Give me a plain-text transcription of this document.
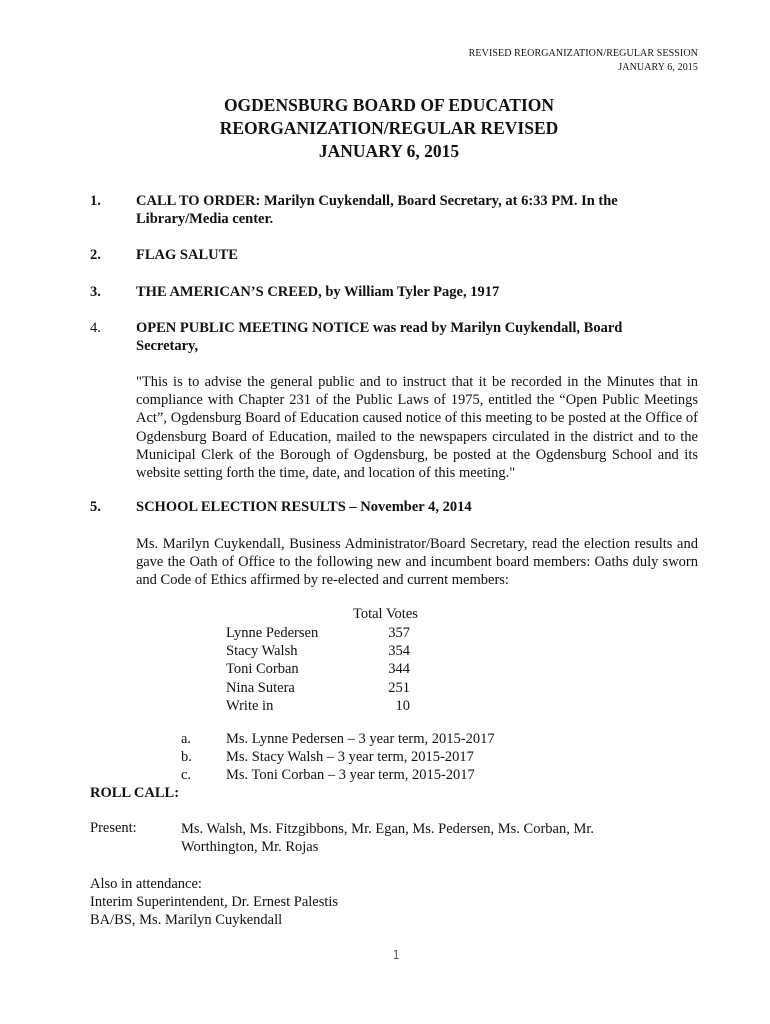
REVISED REORGANIZATION/REGULAR SESSION
JANUARY 6, 2015
OGDENSBURG BOARD OF EDUCATION
REORGANIZATION/REGULAR REVISED
JANUARY 6, 2015
1. CALL TO ORDER: Marilyn Cuykendall, Board Secretary, at 6:33 PM. In the Library/Media center.
2. FLAG SALUTE
3. THE AMERICAN’S CREED, by William Tyler Page, 1917
4. OPEN PUBLIC MEETING NOTICE was read by Marilyn Cuykendall, Board Secretary,
"This is to advise the general public and to instruct that it be recorded in the Minutes that in compliance with Chapter 231 of the Public Laws of 1975, entitled the “Open Public Meetings Act”, Ogdensburg Board of Education caused notice of this meeting to be posted at the Office of Ogdensburg Board of Education, mailed to the newspapers circulated in the district and to the Municipal Clerk of the Borough of Ogdensburg, be posted at the Ogdensburg School and its website setting forth the time, date, and location of this meeting."
5. SCHOOL ELECTION RESULTS – November 4, 2014
Ms. Marilyn Cuykendall, Business Administrator/Board Secretary, read the election results and gave the Oath of Office to the following new and incumbent board members: Oaths duly sworn and Code of Ethics affirmed by re-elected and current members:
Total Votes
Lynne Pedersen	357
Stacy Walsh	354
Toni Corban	344
Nina Sutera	251
Write in	10
a. Ms. Lynne Pedersen – 3 year term, 2015-2017
b. Ms. Stacy Walsh – 3 year term, 2015-2017
c. Ms. Toni Corban – 3 year term, 2015-2017
ROLL CALL:
Present:	Ms. Walsh, Ms. Fitzgibbons, Mr. Egan, Ms. Pedersen, Ms. Corban, Mr. Worthington, Mr. Rojas
Also in attendance:
Interim Superintendent, Dr. Ernest Palestis
BA/BS, Ms. Marilyn Cuykendall
1
